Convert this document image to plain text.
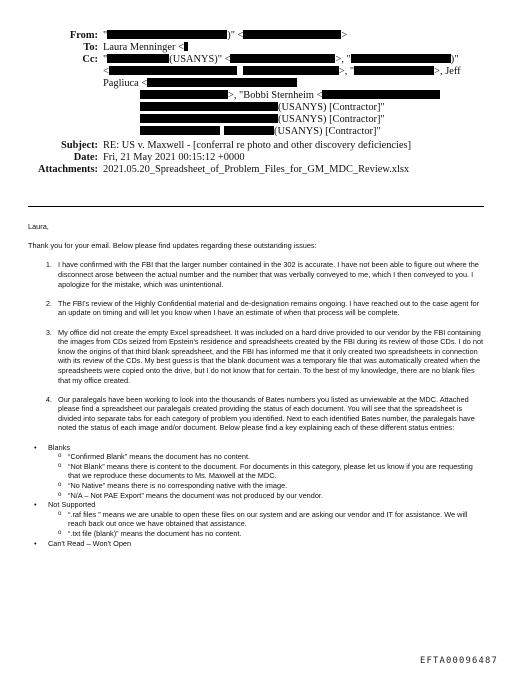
From: "	)" <	>
To: Laura Menninger <
Cc: "	(USANYS)" <	>, "	)"
<	>, "	>, Jeff
Pagliuca <
>, "Bobbi Sternheim <
(USANYS) [Contractor]"
(USANYS) [Contractor]"
(USANYS) [Contractor]"
Subject: RE: US v. Maxwell - [conferral re photo and other discovery deficiencies]
Date: Fri, 21 May 2021 00:15:12 +0000
Attachments: 2021.05.20_Spreadsheet_of_Problem_Files_for_GM_MDC_Review.xlsx

Laura,

Thank you for your email. Below please find updates regarding these outstanding issues:

1. I have confirmed with the FBI that the larger number contained in the 302 is accurate. I have not been able to figure out where the disconnect arose between the actual number and the number that was verbally conveyed to me, which I then conveyed to you. I apologize for the mistake, which was unintentional.
2. The FBI's review of the Highly Confidential material and de-designation remains ongoing. I have reached out to the case agent for an update on timing and will let you know when I have an estimate of when that process will be complete.
3. My office did not create the empty Excel spreadsheet. It was included on a hard drive provided to our vendor by the FBI containing the images from CDs seized from Epstein's residence and spreadsheets created by the FBI during its review of those CDs. I do not know the origins of that third blank spreadsheet, and the FBI has informed me that it only created two spreadsheets in connection with its review of the CDs. My best guess is that the blank document was a temporary file that was automatically created when the spreadsheets were copied onto the drive, but I do not know that for certain. To the best of my knowledge, there are no blank files that my office created.
4. Our paralegals have been working to look into the thousands of Bates numbers you listed as unviewable at the MDC. Attached please find a spreadsheet our paralegals created providing the status of each document. You will see that the spreadsheet is divided into separate tabs for each category of problem you identified. Next to each identified Bates number, the paralegals have noted the status of each image and/or document. Below please find a key explaining each of these different status entries:
• Blanks
o “Confirmed Blank” means the document has no content.
o “Not Blank” means there is content to the document. For documents in this category, please let us know if you are requesting that we reproduce these documents to Ms. Maxwell at the MDC.
o “No Native” means there is no corresponding native with the image.
o “N/A – Not PAE Export” means the document was not produced by our vendor.
• Not Supported
o “.raf files ” means we are unable to open these files on our system and are asking our vendor and IT for assistance. We will reach back out once we have obtained that assistance.
o “.txt file (blank)” means the document has no content.
• Can't Read – Won't Open
EFTA00096487
